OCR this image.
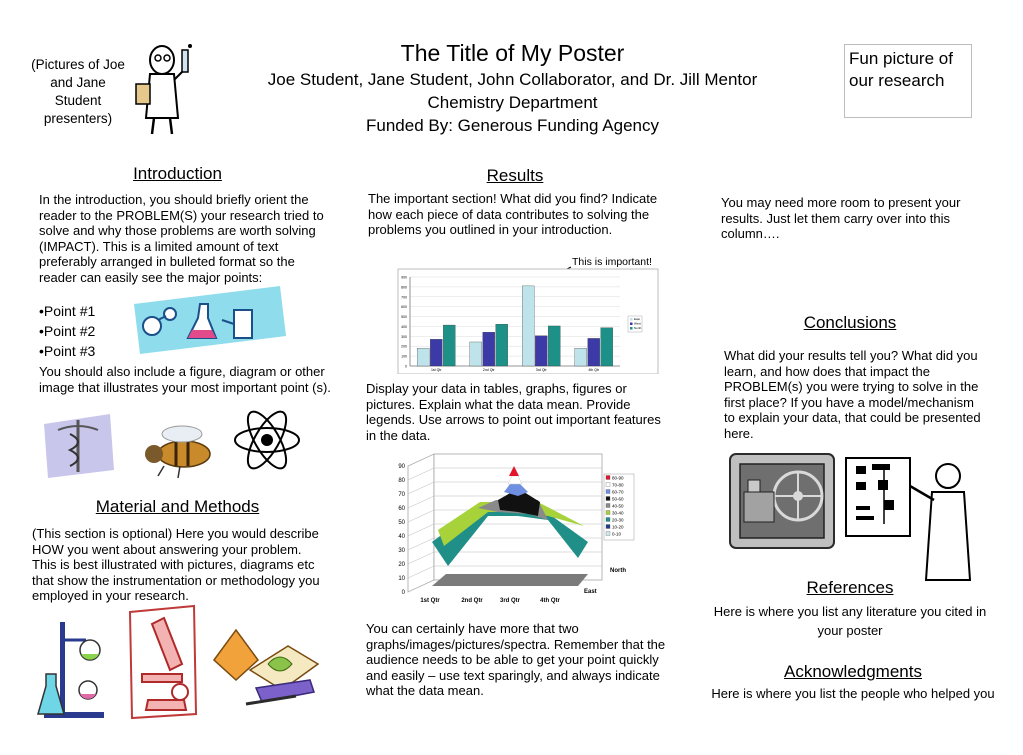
(Pictures of Joe and Jane Student presenters)
The Title of My Poster
Joe Student, Jane Student, John Collaborator, and Dr. Jill Mentor
Chemistry Department
Funded By: Generous Funding Agency
Fun picture of our research
Introduction
In the introduction, you should briefly orient the reader to the PROBLEM(S) your research tried to solve and why those problems are worth solving (IMPACT). This is a limited amount of text preferably arranged in bulleted format so the reader can easily see the major points:
• Point #1
• Point #2
• Point #3
You should also include a figure, diagram or other image that illustrates your most important point (s).
Material and Methods
(This section is optional) Here you would describe HOW you went about answering your problem. This is best illustrated with pictures, diagrams etc that show the instrumentation or methodology you employed in your research.
Results
The important section! What did you find? Indicate how each piece of data contributes to solving the problems you outlined in your introduction.
This is important!
0
100
200
300
400
500
600
700
800
900
1st Qtr	2nd Qtr	3rd Qtr	4th Qtr
East
West
North
Display your data in tables, graphs, figures or pictures. Explain what the data mean. Provide legends. Use arrows to point out important features in the data.
0
10
20
30
40
50
60
70
80
90
1st Qtr	2nd Qtr	3rd Qtr	4th Qtr
North
East
80-90
70-80
60-70
50-60
40-50
30-40
20-30
10-20
0-10
You can certainly have more that two graphs/images/pictures/spectra. Remember that the audience needs to be able to get your point quickly and easily – use text sparingly, and always indicate what the data mean.
You may need more room to present your results. Just let them carry over into this column….
Conclusions
What did your results tell you? What did you learn, and how does that impact the PROBLEM(s) you were trying to solve in the first place? If you have a model/mechanism to explain your data, that could be presented here.
References
Here is where you list any literature you cited in your poster
Acknowledgments
Here is where you list the people who helped you
